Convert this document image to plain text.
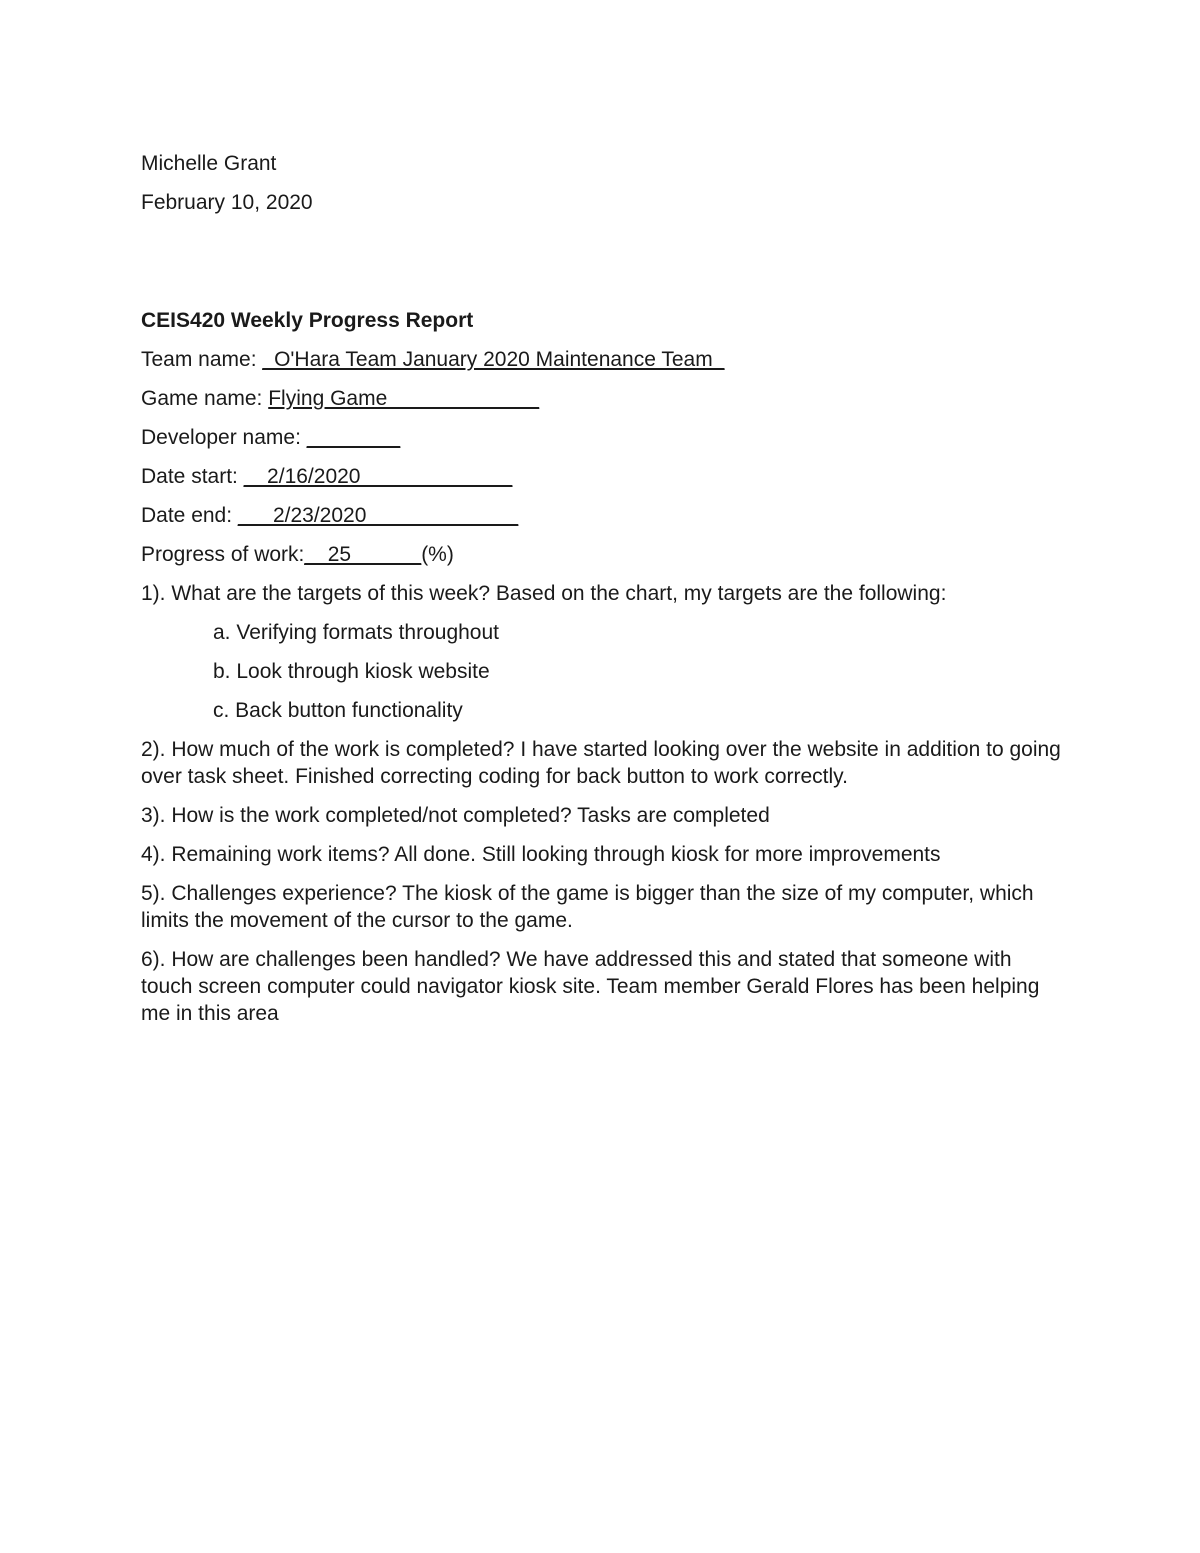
Michelle Grant
February 10, 2020
CEIS420 Weekly Progress Report
Team name: _O'Hara Team January 2020 Maintenance Team_
Game name: Flying Game_____________
Developer name: ________
Date start: __2/16/2020_____________
Date end: ___2/23/2020_____________
Progress of work:__25______(%)
1). What are the targets of this week? Based on the chart, my targets are the following:
a. Verifying formats throughout
b. Look through kiosk website
c. Back button functionality
2). How much of the work is completed? I have started looking over the website in addition to going over task sheet. Finished correcting coding for back button to work correctly.
3). How is the work completed/not completed? Tasks are completed
4). Remaining work items? All done. Still looking through kiosk for more improvements
5). Challenges experience? The kiosk of the game is bigger than the size of my computer, which limits the movement of the cursor to the game.
6). How are challenges been handled? We have addressed this and stated that someone with touch screen computer could navigator kiosk site. Team member Gerald Flores has been helping me in this area
